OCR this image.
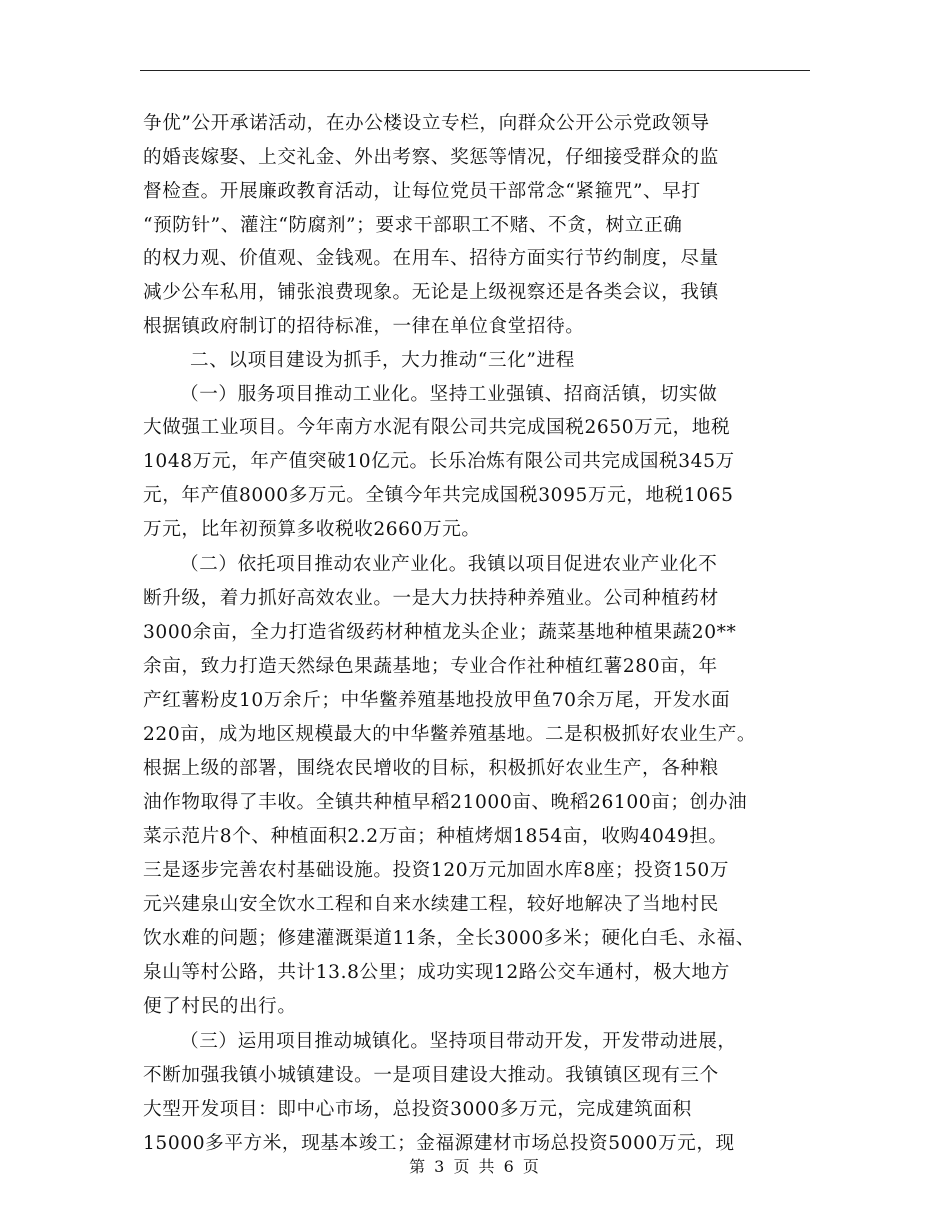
争优”公开承诺活动，在办公楼设立专栏，向群众公开公示党政领导
的婚丧嫁娶、上交礼金、外出考察、奖惩等情况，仔细接受群众的监
督检查。开展廉政教育活动，让每位党员干部常念“紧箍咒”、早打
“预防针”、灌注“防腐剂”；要求干部职工不赌、不贪，树立正确
的权力观、价值观、金钱观。在用车、招待方面实行节约制度，尽量
减少公车私用，铺张浪费现象。无论是上级视察还是各类会议，我镇
根据镇政府制订的招待标准，一律在单位食堂招待。
二、以项目建设为抓手，大力推动“三化”进程
（一）服务项目推动工业化。坚持工业强镇、招商活镇，切实做
大做强工业项目。今年南方水泥有限公司共完成国税2650万元，地税
1048万元，年产值突破10亿元。长乐冶炼有限公司共完成国税345万
元，年产值8000多万元。全镇今年共完成国税3095万元，地税1065
万元，比年初预算多收税收2660万元。
（二）依托项目推动农业产业化。我镇以项目促进农业产业化不
断升级，着力抓好高效农业。一是大力扶持种养殖业。公司种植药材
3000余亩，全力打造省级药材种植龙头企业；蔬菜基地种植果蔬20**
余亩，致力打造天然绿色果蔬基地；专业合作社种植红薯280亩，年
产红薯粉皮10万余斤；中华鳖养殖基地投放甲鱼70余万尾，开发水面
220亩，成为地区规模最大的中华鳖养殖基地。二是积极抓好农业生产。
根据上级的部署，围绕农民增收的目标，积极抓好农业生产，各种粮
油作物取得了丰收。全镇共种植早稻21000亩、晚稻26100亩；创办油
菜示范片8个、种植面积2.2万亩；种植烤烟1854亩，收购4049担。
三是逐步完善农村基础设施。投资120万元加固水库8座；投资150万
元兴建泉山安全饮水工程和自来水续建工程，较好地解决了当地村民
饮水难的问题；修建灌溉渠道11条，全长3000多米；硬化白毛、永福、
泉山等村公路，共计13.8公里；成功实现12路公交车通村，极大地方
便了村民的出行。
（三）运用项目推动城镇化。坚持项目带动开发，开发带动进展，
不断加强我镇小城镇建设。一是项目建设大推动。我镇镇区现有三个
大型开发项目：即中心市场，总投资3000多万元，完成建筑面积
15000多平方米，现基本竣工；金福源建材市场总投资5000万元，现
第 3 页 共 6 页
